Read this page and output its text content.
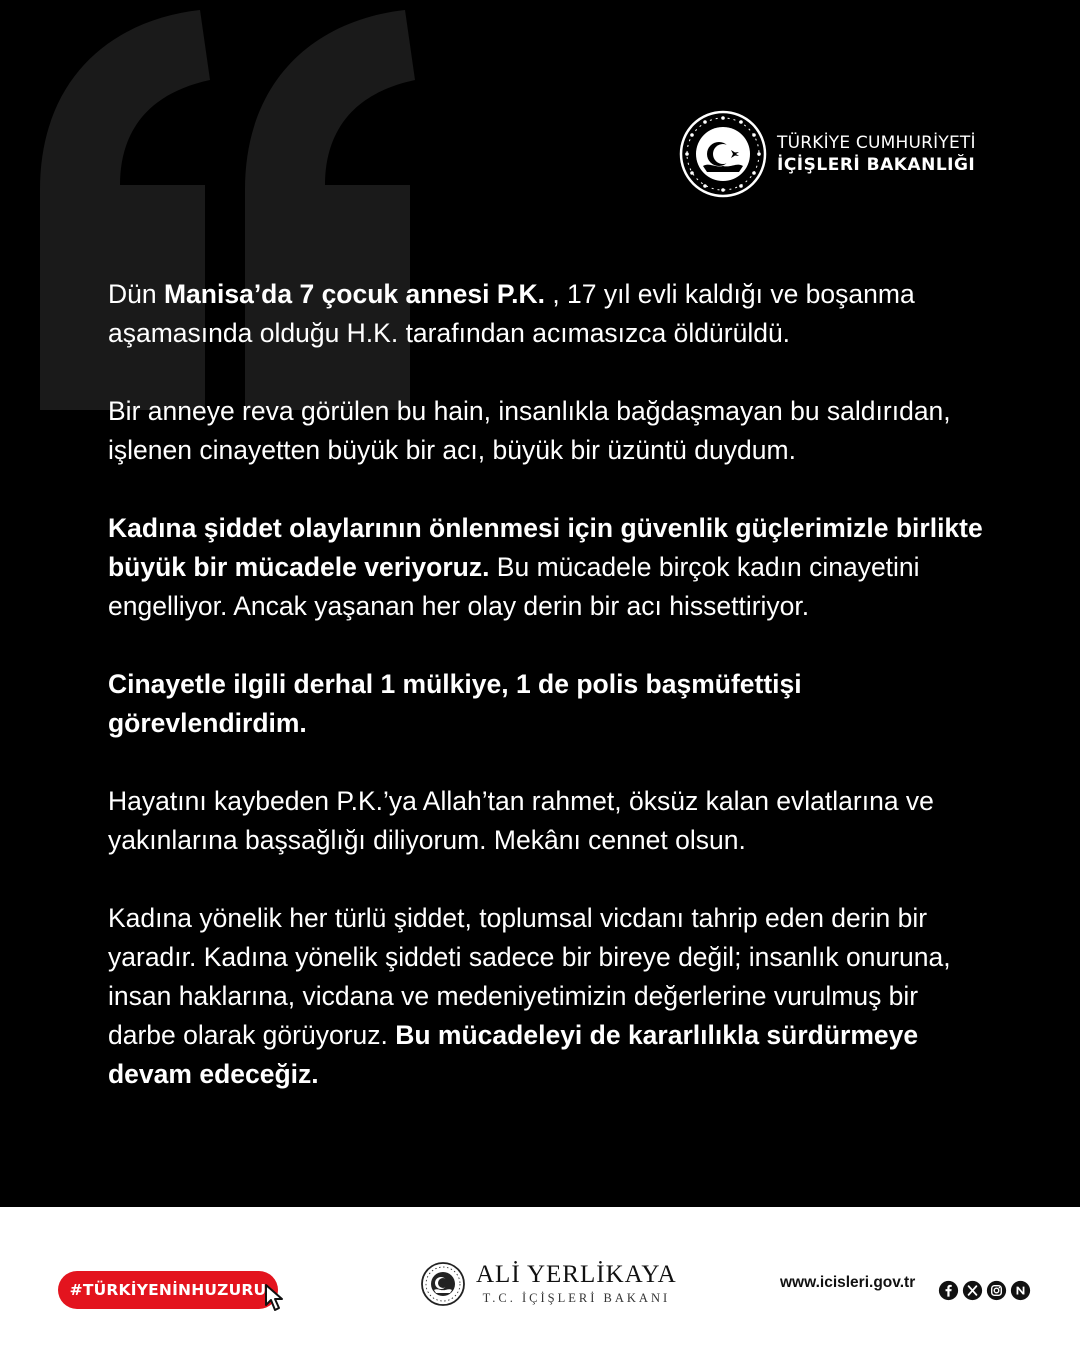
TÜRKİYE CUMHURİYETİ
İÇİŞLERİ BAKANLIĞI

Dün Manisa’da 7 çocuk annesi P.K. , 17 yıl evli kaldığı ve boşanma aşamasında olduğu H.K. tarafından acımasızca öldürüldü.

Bir anneye reva görülen bu hain, insanlıkla bağdaşmayan bu saldırıdan, işlenen cinayetten büyük bir acı, büyük bir üzüntü duydum.

Kadına şiddet olaylarının önlenmesi için güvenlik güçlerimizle birlikte büyük bir mücadele veriyoruz. Bu mücadele birçok kadın cinayetini engelliyor. Ancak yaşanan her olay derin bir acı hissettiriyor.

Cinayetle ilgili derhal 1 mülkiye, 1 de polis başmüfettişi görevlendirdim.

Hayatını kaybeden P.K.’ya Allah’tan rahmet, öksüz kalan evlatlarına ve yakınlarına başsağlığı diliyorum. Mekânı cennet olsun.

Kadına yönelik her türlü şiddet, toplumsal vicdanı tahrip eden derin bir yaradır. Kadına yönelik şiddeti sadece bir bireye değil; insanlık onuruna, insan haklarına, vicdana ve medeniyetimizin değerlerine vurulmuş bir darbe olarak görüyoruz. Bu mücadeleyi de kararlılıkla sürdürmeye devam edeceğiz.

#TÜRKİYENİNHUZURU
ALİ YERLİKAYA
T.C. İÇİŞLERİ BAKANI
www.icisleri.gov.tr
